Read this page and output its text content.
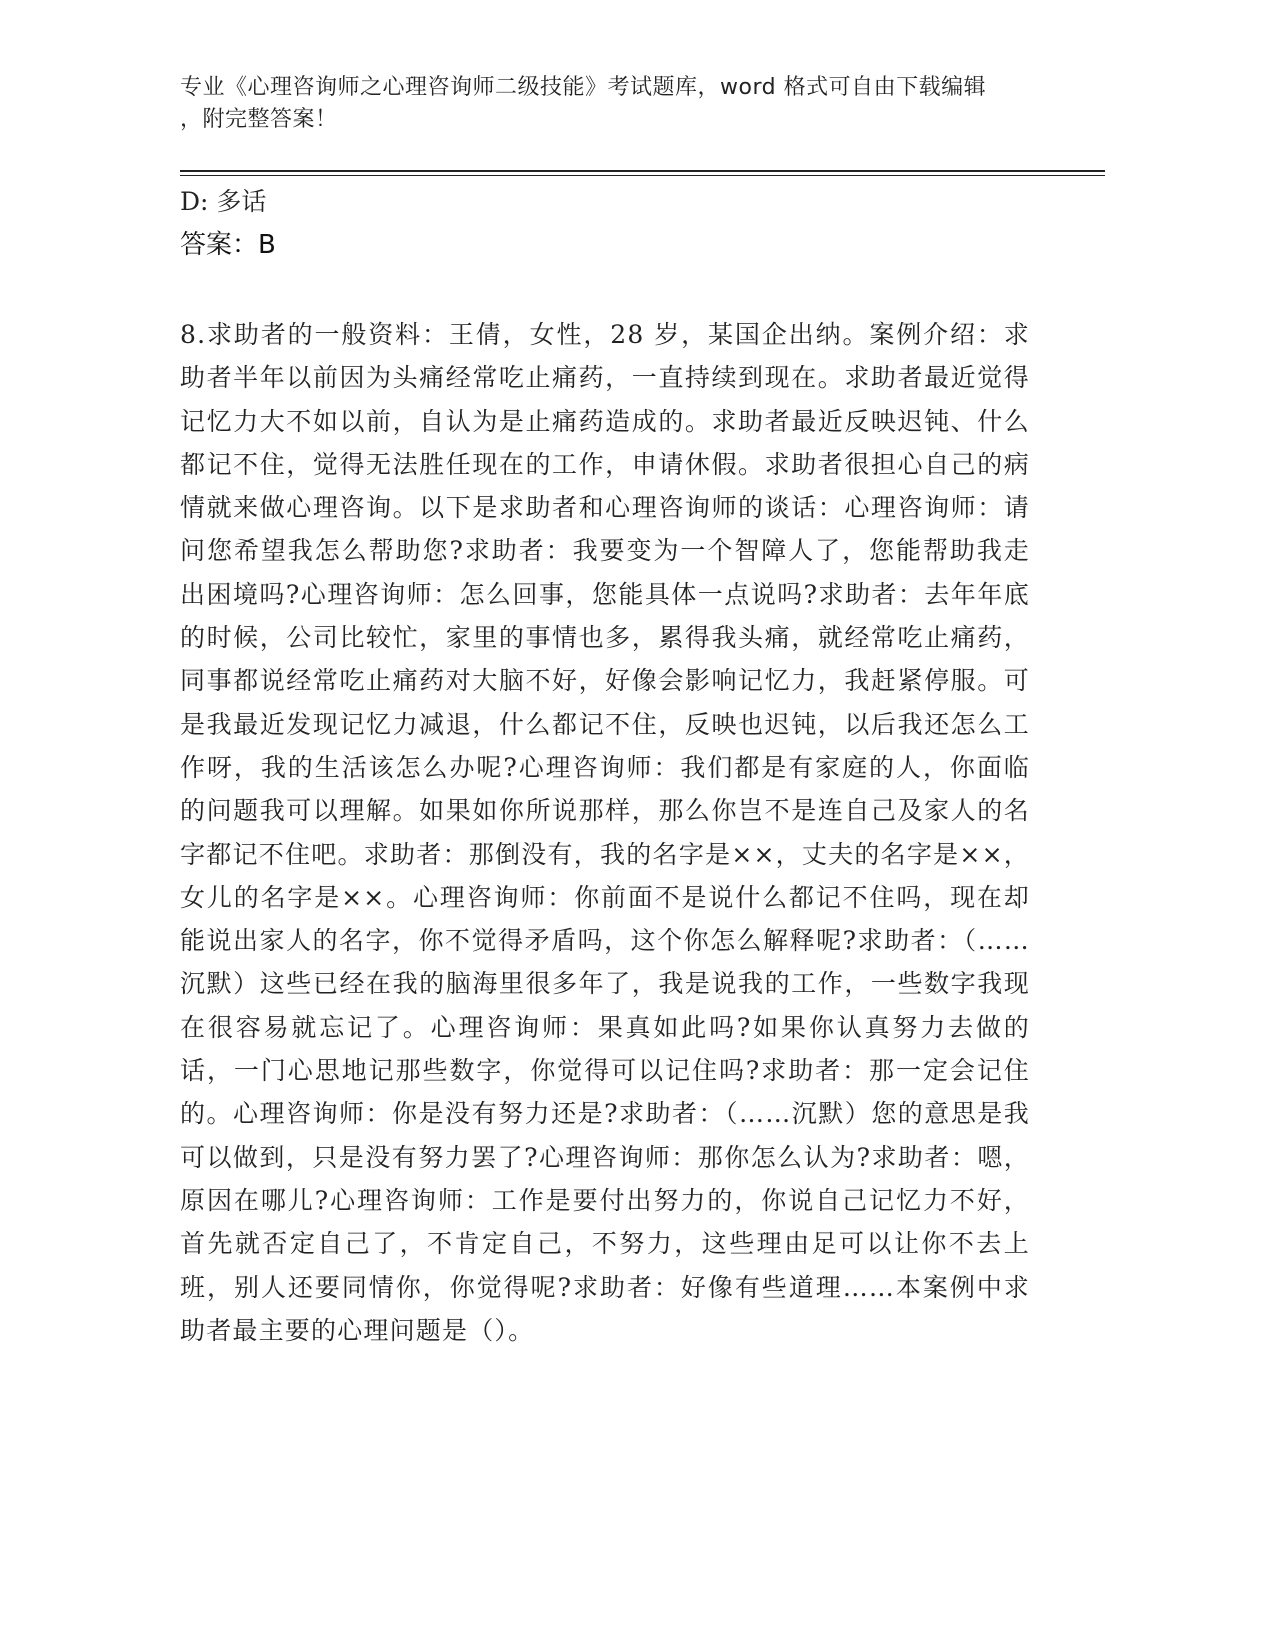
专业《心理咨询师之心理咨询师二级技能》考试题库，word 格式可自由下载编辑
，附完整答案！
D: 多话
答案：B
8.求助者的一般资料：王倩，女性，28 岁，某国企出纳。案例介绍：求助者半年以前因为头痛经常吃止痛药，一直持续到现在。求助者最近觉得记忆力大不如以前，自认为是止痛药造成的。求助者最近反映迟钝、什么都记不住，觉得无法胜任现在的工作，申请休假。求助者很担心自己的病情就来做心理咨询。以下是求助者和心理咨询师的谈话：心理咨询师：请问您希望我怎么帮助您?求助者：我要变为一个智障人了，您能帮助我走出困境吗?心理咨询师：怎么回事，您能具体一点说吗?求助者：去年年底的时候，公司比较忙，家里的事情也多，累得我头痛，就经常吃止痛药，同事都说经常吃止痛药对大脑不好，好像会影响记忆力，我赶紧停服。可是我最近发现记忆力减退，什么都记不住，反映也迟钝，以后我还怎么工作呀，我的生活该怎么办呢?心理咨询师：我们都是有家庭的人，你面临的问题我可以理解。如果如你所说那样，那么你岂不是连自己及家人的名字都记不住吧。求助者：那倒没有，我的名字是××，丈夫的名字是××，女儿的名字是××。心理咨询师：你前面不是说什么都记不住吗，现在却能说出家人的名字，你不觉得矛盾吗，这个你怎么解释呢?求助者：（……沉默）这些已经在我的脑海里很多年了，我是说我的工作，一些数字我现在很容易就忘记了。心理咨询师：果真如此吗?如果你认真努力去做的话，一门心思地记那些数字，你觉得可以记住吗?求助者：那一定会记住的。心理咨询师：你是没有努力还是?求助者：（……沉默）您的意思是我可以做到，只是没有努力罢了?心理咨询师：那你怎么认为?求助者：嗯，原因在哪儿?心理咨询师：工作是要付出努力的，你说自己记忆力不好，首先就否定自己了，不肯定自己，不努力，这些理由足可以让你不去上班，别人还要同情你，你觉得呢?求助者：好像有些道理……本案例中求助者最主要的心理问题是（）。
